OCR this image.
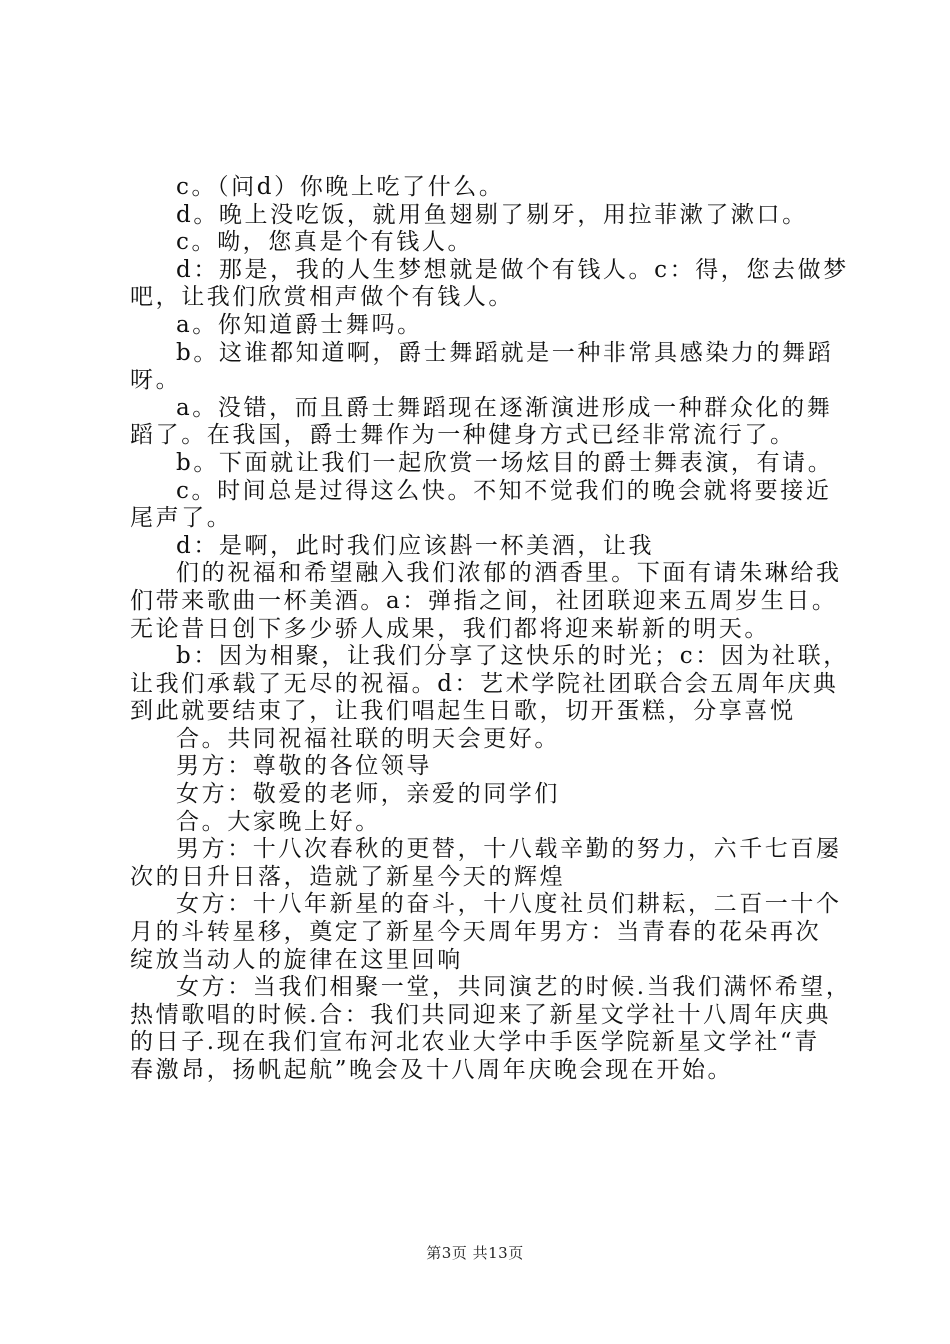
c。（问d）你晚上吃了什么。
d。晚上没吃饭，就用鱼翅剔了剔牙，用拉菲漱了漱口。
c。呦，您真是个有钱人。
d：那是，我的人生梦想就是做个有钱人。c：得，您去做梦
吧，让我们欣赏相声做个有钱人。
a。你知道爵士舞吗。
b。这谁都知道啊，爵士舞蹈就是一种非常具感染力的舞蹈
呀。
a。没错，而且爵士舞蹈现在逐渐演进形成一种群众化的舞
蹈了。在我国，爵士舞作为一种健身方式已经非常流行了。
b。下面就让我们一起欣赏一场炫目的爵士舞表演，有请。
c。时间总是过得这么快。不知不觉我们的晚会就将要接近
尾声了。
d：是啊，此时我们应该斟一杯美酒，让我
们的祝福和希望融入我们浓郁的酒香里。下面有请朱琳给我
们带来歌曲一杯美酒。a：弹指之间，社团联迎来五周岁生日。
无论昔日创下多少骄人成果，我们都将迎来崭新的明天。
b：因为相聚，让我们分享了这快乐的时光；c：因为社联，
让我们承载了无尽的祝福。d：艺术学院社团联合会五周年庆典
到此就要结束了，让我们唱起生日歌，切开蛋糕，分享喜悦
合。共同祝福社联的明天会更好。
男方：尊敬的各位领导
女方：敬爱的老师，亲爱的同学们
合。大家晚上好。
男方：十八次春秋的更替，十八载辛勤的努力，六千七百屡
次的日升日落，造就了新星今天的辉煌
女方：十八年新星的奋斗，十八度社员们耕耘，二百一十个
月的斗转星移，奠定了新星今天周年男方：当青春的花朵再次
绽放当动人的旋律在这里回响
女方：当我们相聚一堂，共同演艺的时候.当我们满怀希望，
热情歌唱的时候.合：我们共同迎来了新星文学社十八周年庆典
的日子.现在我们宣布河北农业大学中手医学院新星文学社“青
春激昂，扬帆起航”晚会及十八周年庆晚会现在开始。
第3页 共13页
